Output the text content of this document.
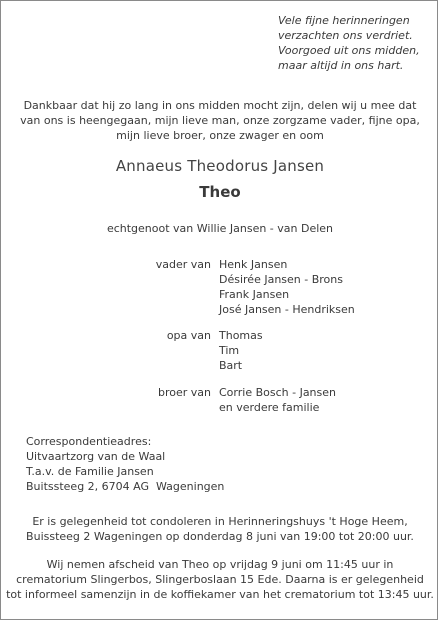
Vele fijne herinneringen
verzachten ons verdriet.
Voorgoed uit ons midden,
maar altijd in ons hart.
Dankbaar dat hij zo lang in ons midden mocht zijn, delen wij u mee dat
van ons is heengegaan, mijn lieve man, onze zorgzame vader, fijne opa,
mijn lieve broer, onze zwager en oom
Annaeus Theodorus Jansen
Theo
echtgenoot van Willie Jansen - van Delen
vader van Henk Jansen
Désirée Jansen - Brons
Frank Jansen
José Jansen - Hendriksen
opa van Thomas
Tim
Bart
broer van Corrie Bosch - Jansen
en verdere familie
Correspondentieadres:
Uitvaartzorg van de Waal
T.a.v. de Familie Jansen
Buitssteeg 2, 6704 AG  Wageningen
Er is gelegenheid tot condoleren in Herinneringshuys 't Hoge Heem,
Buissteeg 2 Wageningen op donderdag 8 juni van 19:00 tot 20:00 uur.
Wij nemen afscheid van Theo op vrijdag 9 juni om 11:45 uur in
crematorium Slingerbos, Slingerboslaan 15 Ede. Daarna is er gelegenheid
tot informeel samenzijn in de koffiekamer van het crematorium tot 13:45 uur.
